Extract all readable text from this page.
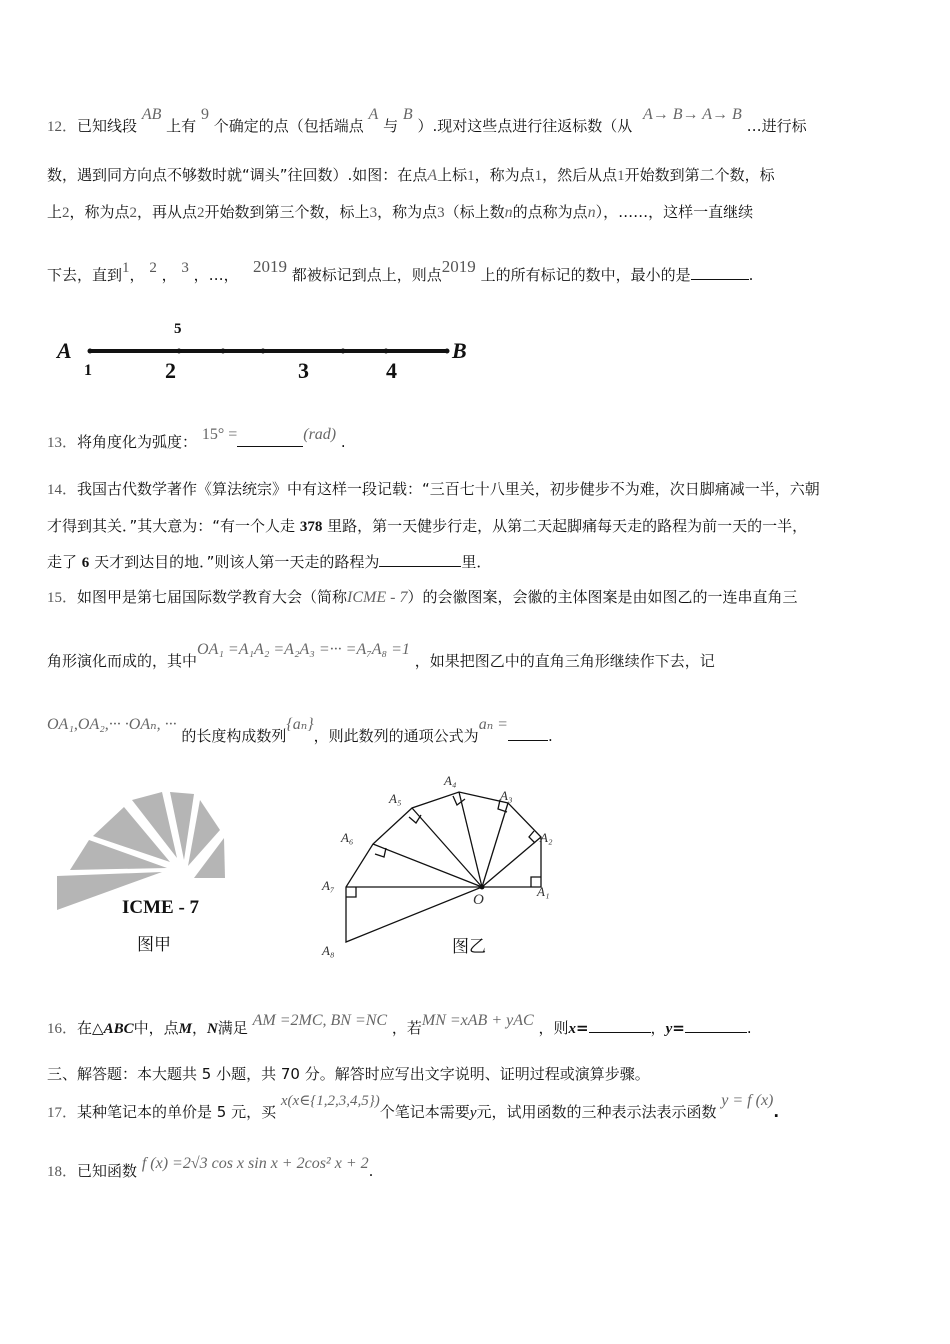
12．已知线段 AB 上有 9 个确定的点（包括端点 A 与 B ）.现对这些点进行往返标数（从 A→ B→ A→ B …进行标
数，遇到同方向点不够数时就“调头”往回数）.如图：在点A上标1，称为点1，然后从点1开始数到第二个数，标
上2，称为点2，再从点2开始数到第三个数，标上3，称为点3（标上数n的点称为点n），……，这样一直继续
下去，直到1， 2 ， 3 ，…， 2019 都被标记到点上，则点2019 上的所有标记的数中，最小的是	.
A	B
5
1	2	3	4
13．将角度化为弧度： 15° =	(rad) .
14．我国古代数学著作《算法统宗》中有这样一段记载：“三百七十八里关，初步健步不为难，次日脚痛减一半，六朝
才得到其关．”其大意为：“有一个人走 378 里路，第一天健步行走，从第二天起脚痛每天走的路程为前一天的一半，
走了 6 天才到达目的地．”则该人第一天走的路程为	里．
15．如图甲是第七届国际数学教育大会（简称ICME - 7）的会徽图案，会徽的主体图案是由如图乙的一连串直角三
角形演化而成的，其中OA₁ =A₁A₂ =A₂A₃ =··· =A₇A₈ =1 ，如果把图乙中的直角三角形继续作下去，记
OA₁,OA₂,··· ·OAₙ, ··· 的长度构成数列{aₙ}，则此数列的通项公式为aₙ =.
ICME - 7
图甲
A₁
A₂
A₃
A₄
A₅
A₆
A₇
A₈
O
图乙
16．在△ABC中，点M，N满足 AM =2MC, BN =NC ，若MN =xAB + yAC ，则x=	，y=	.
三、解答题：本大题共 5 小题，共 70 分。解答时应写出文字说明、证明过程或演算步骤。
17．某种笔记本的单价是 5 元，买 x(x∈{1,2,3,4,5})个笔记本需要y元，试用函数的三种表示法表示函数 y = f (x).
18．已知函数 f (x) =2√3 cos x sin x + 2cos² x + 2.
